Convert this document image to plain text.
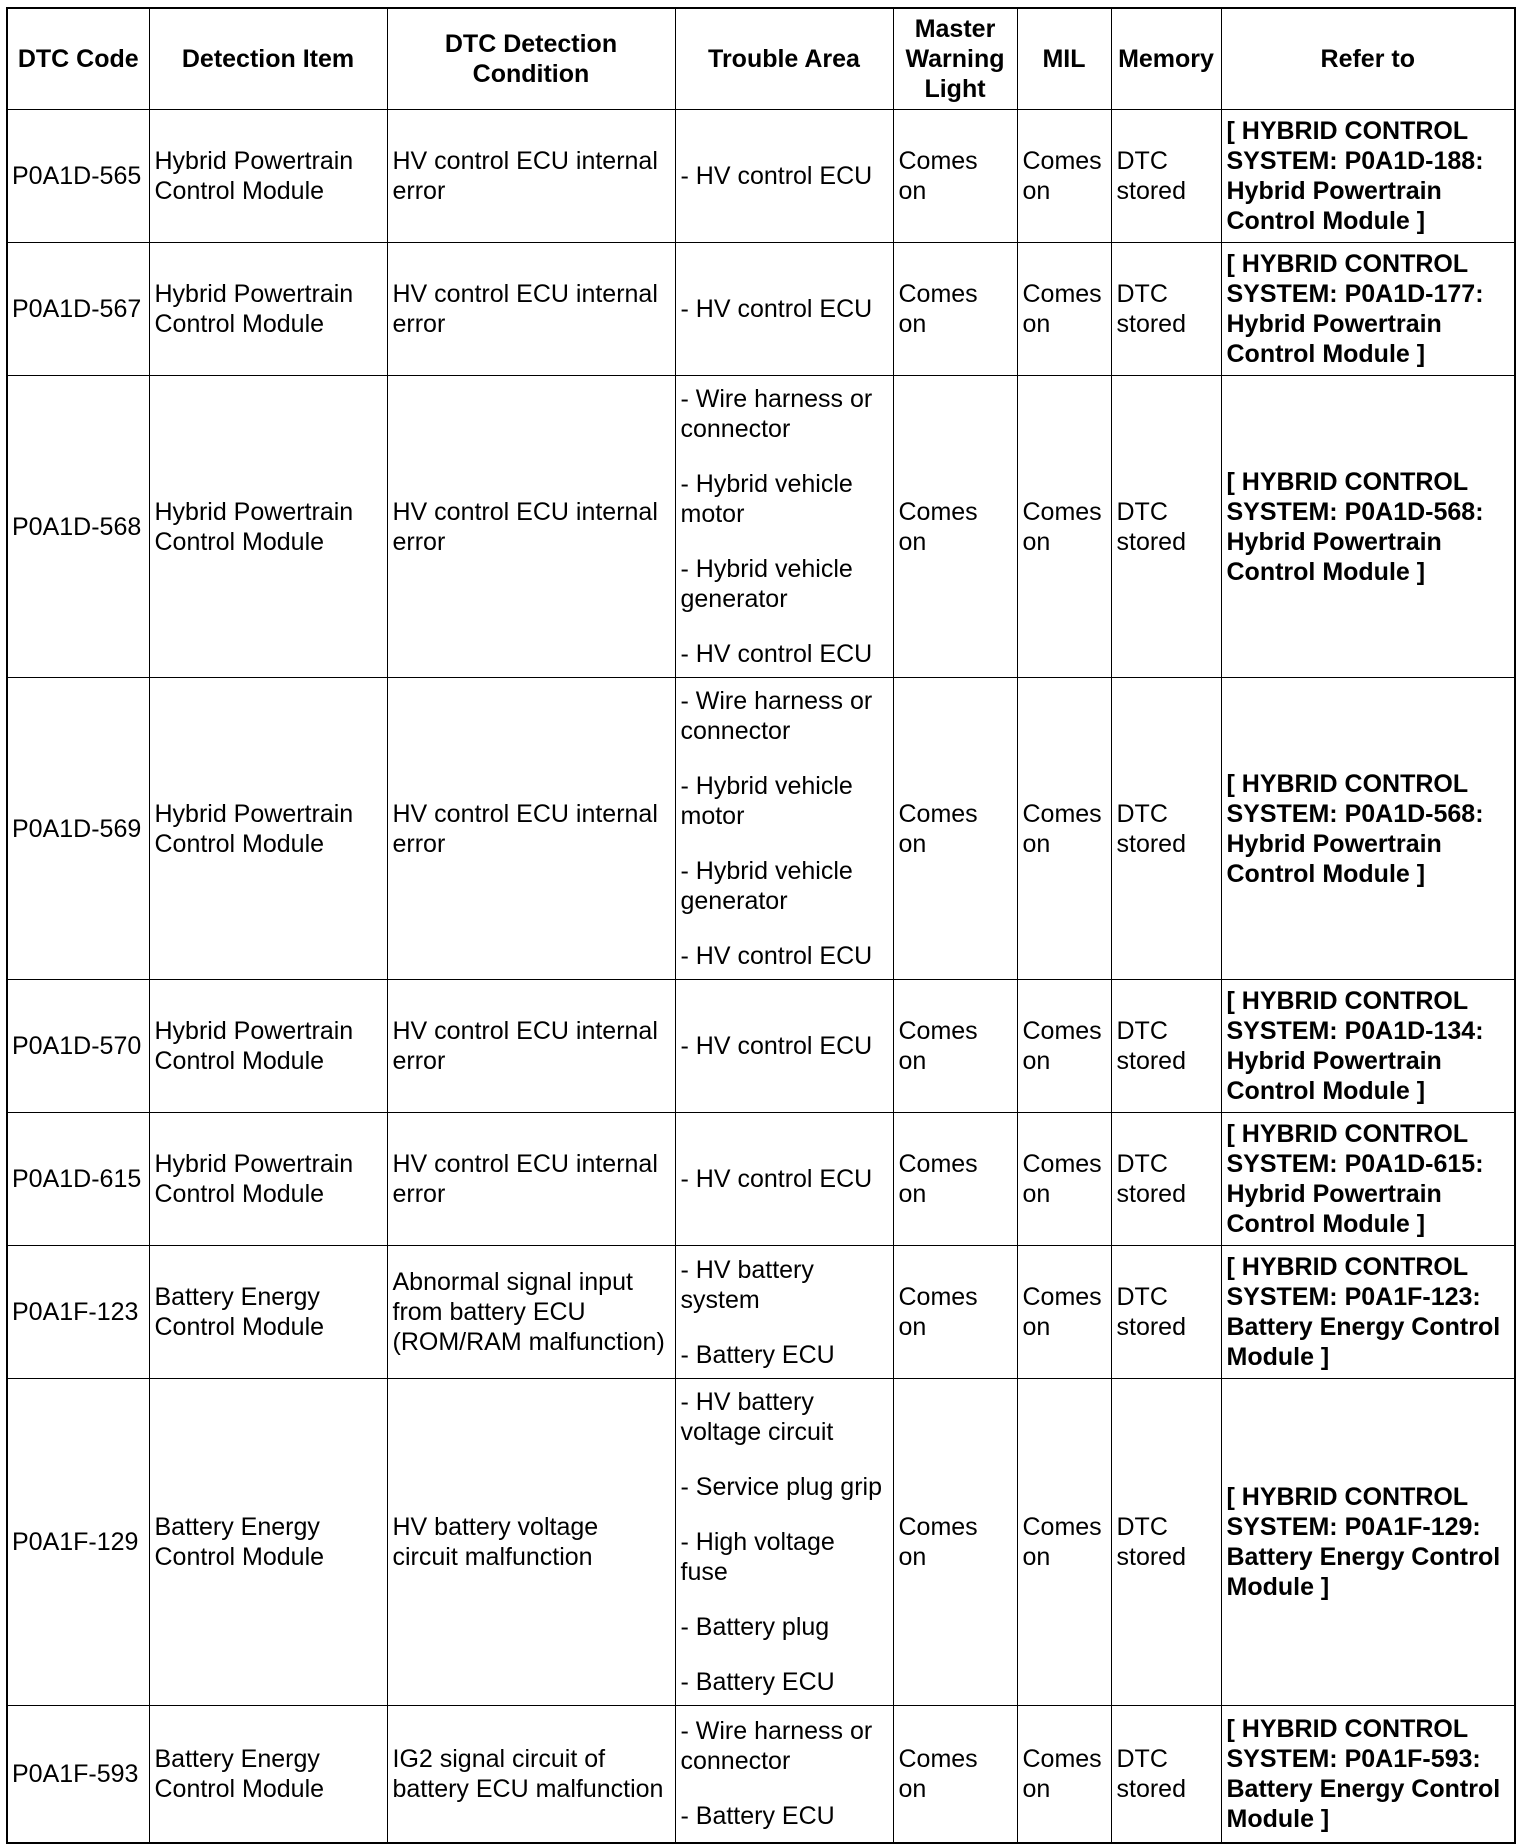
DTC Code	Detection Item	DTC Detection Condition	Trouble Area	Master Warning Light	MIL	Memory	Refer to
P0A1D-565	Hybrid Powertrain Control Module	HV control ECU internal error	- HV control ECU	Comes on	Comes on	DTC stored	[ HYBRID CONTROL SYSTEM: P0A1D-188: Hybrid Powertrain Control Module ]
P0A1D-567	Hybrid Powertrain Control Module	HV control ECU internal error	- HV control ECU	Comes on	Comes on	DTC stored	[ HYBRID CONTROL SYSTEM: P0A1D-177: Hybrid Powertrain Control Module ]
P0A1D-568	Hybrid Powertrain Control Module	HV control ECU internal error	- Wire harness or connector
- Hybrid vehicle motor
- Hybrid vehicle generator
- HV control ECU	Comes on	Comes on	DTC stored	[ HYBRID CONTROL SYSTEM: P0A1D-568: Hybrid Powertrain Control Module ]
P0A1D-569	Hybrid Powertrain Control Module	HV control ECU internal error	- Wire harness or connector
- Hybrid vehicle motor
- Hybrid vehicle generator
- HV control ECU	Comes on	Comes on	DTC stored	[ HYBRID CONTROL SYSTEM: P0A1D-568: Hybrid Powertrain Control Module ]
P0A1D-570	Hybrid Powertrain Control Module	HV control ECU internal error	- HV control ECU	Comes on	Comes on	DTC stored	[ HYBRID CONTROL SYSTEM: P0A1D-134: Hybrid Powertrain Control Module ]
P0A1D-615	Hybrid Powertrain Control Module	HV control ECU internal error	- HV control ECU	Comes on	Comes on	DTC stored	[ HYBRID CONTROL SYSTEM: P0A1D-615: Hybrid Powertrain Control Module ]
P0A1F-123	Battery Energy Control Module	Abnormal signal input from battery ECU (ROM/RAM malfunction)	- HV battery system
- Battery ECU	Comes on	Comes on	DTC stored	[ HYBRID CONTROL SYSTEM: P0A1F-123: Battery Energy Control Module ]
P0A1F-129	Battery Energy Control Module	HV battery voltage circuit malfunction	- HV battery voltage circuit
- Service plug grip
- High voltage fuse
- Battery plug
- Battery ECU	Comes on	Comes on	DTC stored	[ HYBRID CONTROL SYSTEM: P0A1F-129: Battery Energy Control Module ]
P0A1F-593	Battery Energy Control Module	IG2 signal circuit of battery ECU malfunction	- Wire harness or connector
- Battery ECU	Comes on	Comes on	DTC stored	[ HYBRID CONTROL SYSTEM: P0A1F-593: Battery Energy Control Module ]
